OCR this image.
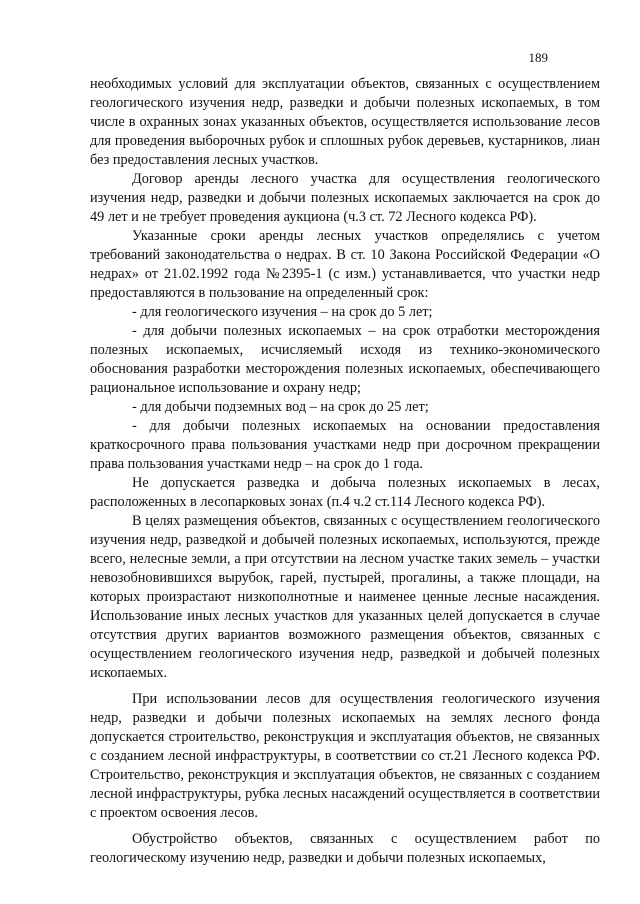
189

необходимых условий для эксплуатации объектов, связанных с осуществлением геологического изучения недр, разведки и добычи полезных ископаемых, в том числе в охранных зонах указанных объектов, осуществляется использование лесов для проведения выборочных рубок и сплошных рубок деревьев, кустарников, лиан без предоставления лесных участков.

Договор аренды лесного участка для осуществления геологического изучения недр, разведки и добычи полезных ископаемых заключается на срок до 49 лет и не требует проведения аукциона (ч.3 ст. 72 Лесного кодекса РФ).

Указанные сроки аренды лесных участков определялись с учетом требований законодательства о недрах. В ст. 10 Закона Российской Федерации «О недрах» от 21.02.1992 года №2395-1 (с изм.) устанавливается, что участки недр предоставляются в пользование на определенный срок:

- для геологического изучения – на срок до 5 лет;

- для добычи полезных ископаемых – на срок отработки месторождения полезных ископаемых, исчисляемый исходя из технико-экономического обоснования разработки месторождения полезных ископаемых, обеспечивающего рациональное использование и охрану недр;

- для добычи подземных вод – на срок до 25 лет;

- для добычи полезных ископаемых на основании предоставления краткосрочного права пользования участками недр при досрочном прекращении права пользования участками недр – на срок до 1 года.

Не допускается разведка и добыча полезных ископаемых в лесах, расположенных в лесопарковых зонах (п.4 ч.2 ст.114 Лесного кодекса РФ).

В целях размещения объектов, связанных с осуществлением геологического изучения недр, разведкой и добычей полезных ископаемых, используются, прежде всего, нелесные земли, а при отсутствии на лесном участке таких земель – участки невозобновившихся вырубок, гарей, пустырей, прогалины, а также площади, на которых произрастают низкополнотные и наименее ценные лесные насаждения. Использование иных лесных участков для указанных целей допускается в случае отсутствия других вариантов возможного размещения объектов, связанных с осуществлением геологического изучения недр, разведкой и добычей полезных ископаемых.

При использовании лесов для осуществления геологического изучения недр, разведки и добычи полезных ископаемых на землях лесного фонда допускается строительство, реконструкция и эксплуатация объектов, не связанных с созданием лесной инфраструктуры, в соответствии со ст.21 Лесного кодекса РФ. Строительство, реконструкция и эксплуатация объектов, не связанных с созданием лесной инфраструктуры, рубка лесных насаждений осуществляется в соответствии с проектом освоения лесов.

Обустройство объектов, связанных с осуществлением работ по геологическому изучению недр, разведки и добычи полезных ископаемых,
